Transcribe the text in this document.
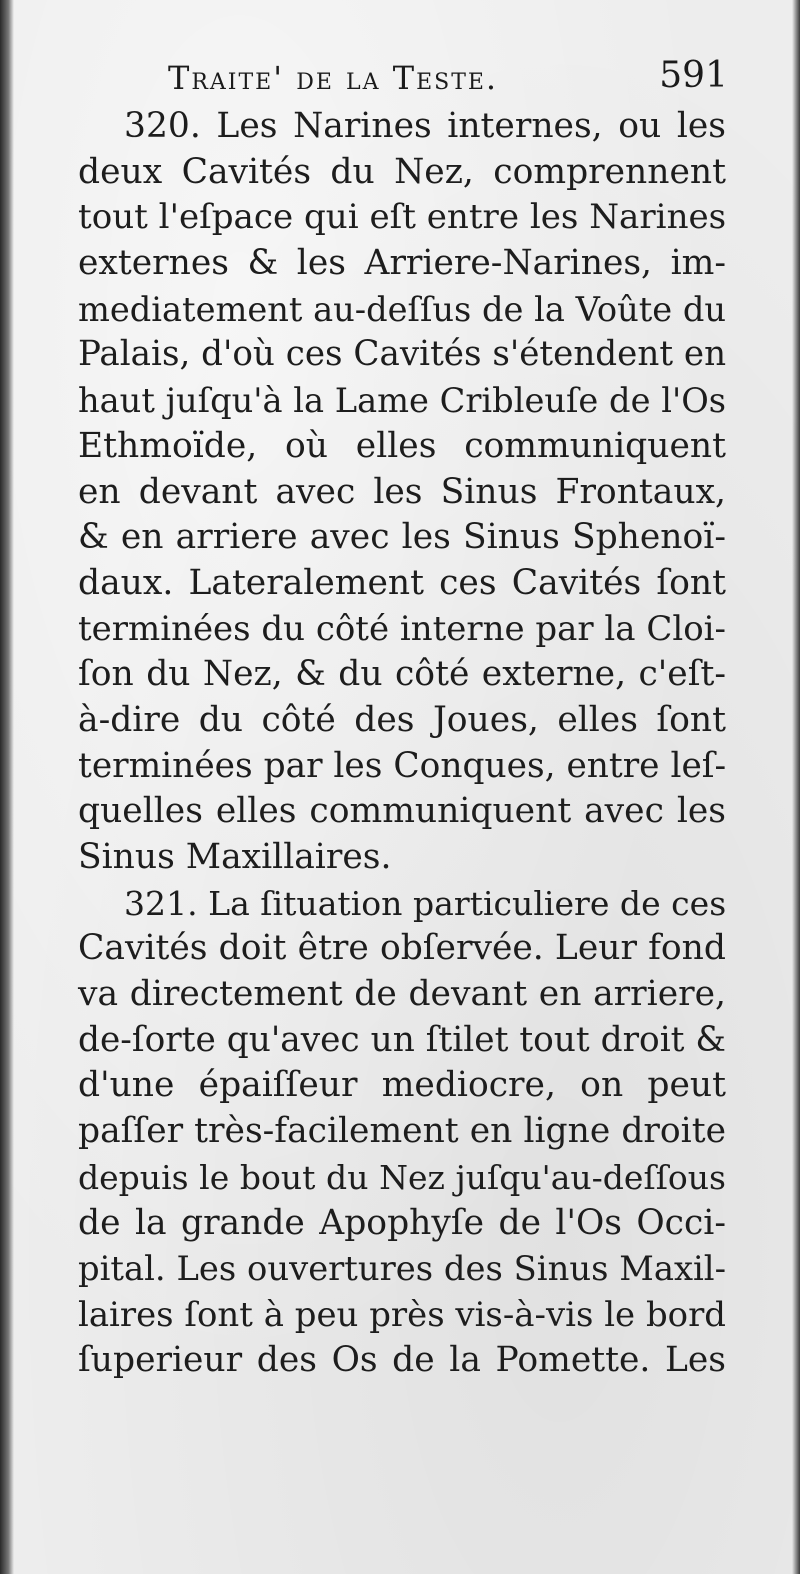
Traite' de la Teste.	591
320. Les Narines internes, ou les
deux Cavités du Nez, comprennent
tout l'eſpace qui eſt entre les Narines
externes & les Arriere-Narines, im-
mediatement au-deſſus de la Voûte du
Palais, d'où ces Cavités s'étendent en
haut juſqu'à la Lame Cribleuſe de l'Os
Ethmoïde, où elles communiquent
en devant avec les Sinus Frontaux,
& en arriere avec les Sinus Sphenoï-
daux. Lateralement ces Cavités ſont
terminées du côté interne par la Cloi-
ſon du Nez, & du côté externe, c'eſt-
à-dire du côté des Joues, elles ſont
terminées par les Conques, entre leſ-
quelles elles communiquent avec les
Sinus Maxillaires.
321. La ſituation particuliere de ces
Cavités doit être obſervée. Leur fond
va directement de devant en arriere,
de-ſorte qu'avec un ſtilet tout droit &
d'une épaiſſeur mediocre, on peut
paſſer très-facilement en ligne droite
depuis le bout du Nez juſqu'au-deſſous
de la grande Apophyſe de l'Os Occi-
pital. Les ouvertures des Sinus Maxil-
laires ſont à peu près vis-à-vis le bord
ſuperieur des Os de la Pomette. Les
